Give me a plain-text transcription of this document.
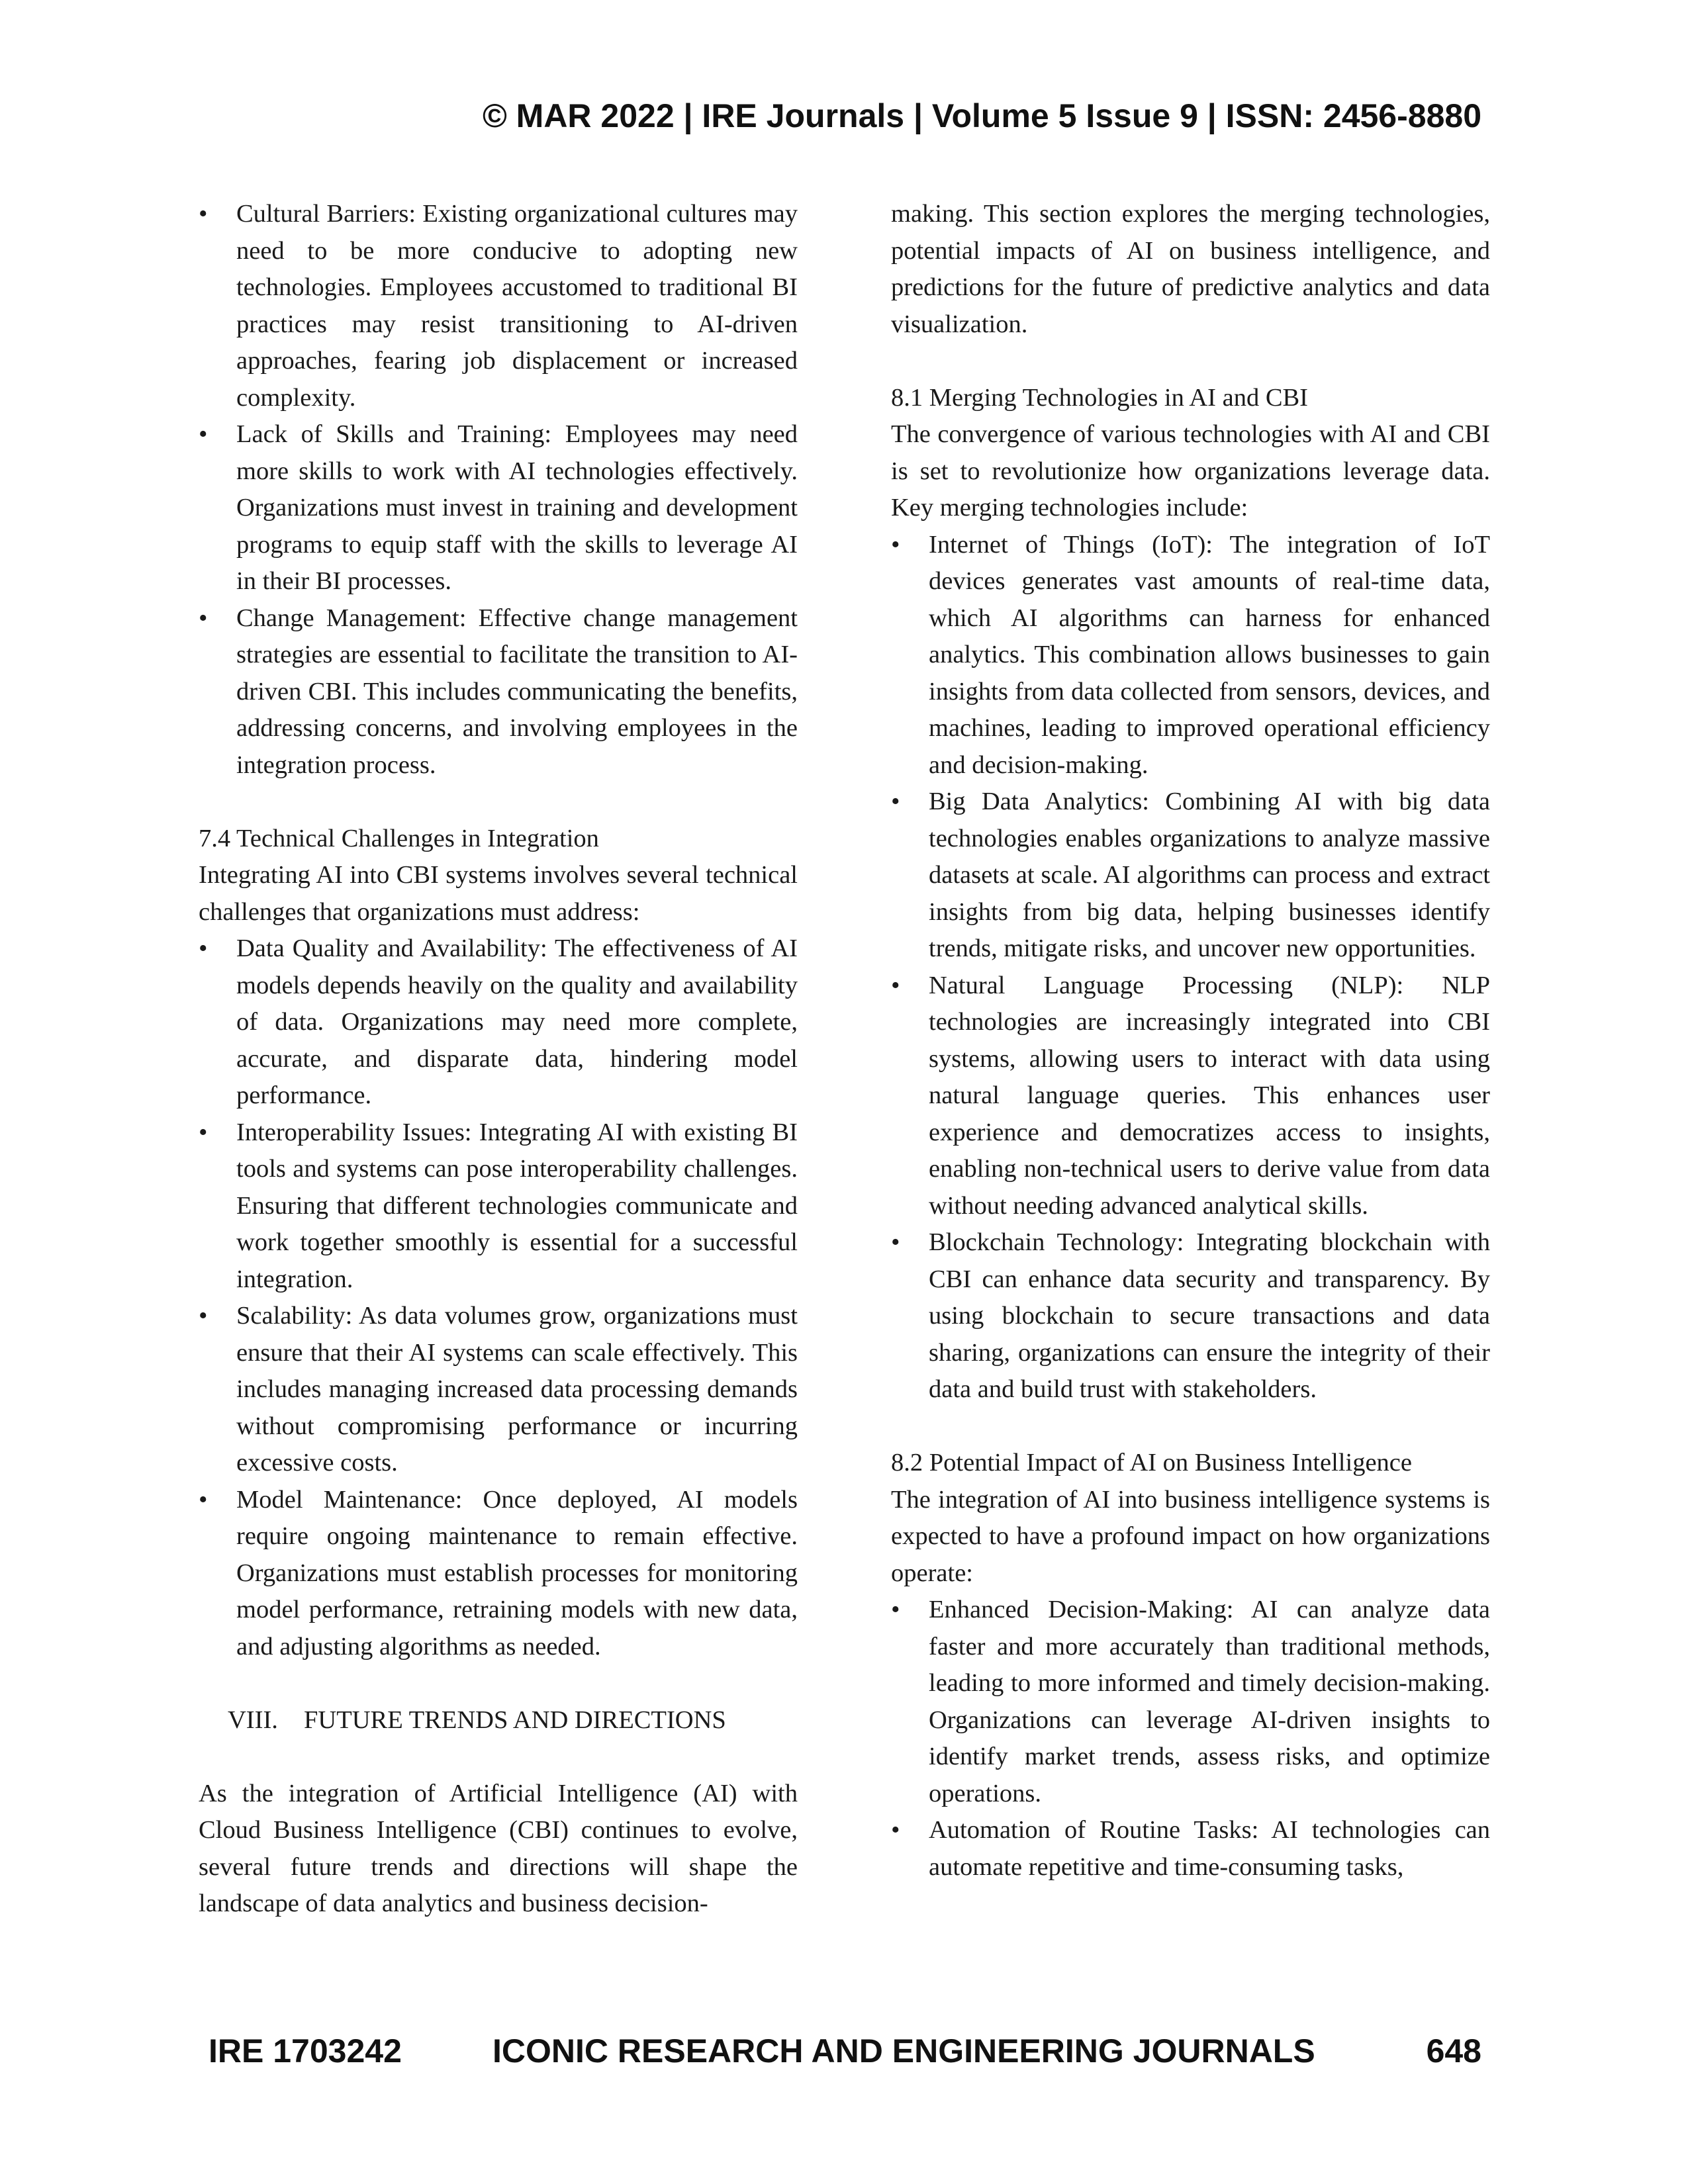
© MAR 2022 | IRE Journals | Volume 5 Issue 9 | ISSN: 2456-8880
• Cultural Barriers: Existing organizational cultures may need to be more conducive to adopting new technologies. Employees accustomed to traditional BI practices may resist transitioning to AI-driven approaches, fearing job displacement or increased complexity.
• Lack of Skills and Training: Employees may need more skills to work with AI technologies effectively. Organizations must invest in training and development programs to equip staff with the skills to leverage AI in their BI processes.
• Change Management: Effective change management strategies are essential to facilitate the transition to AI-driven CBI. This includes communicating the benefits, addressing concerns, and involving employees in the integration process.

7.4 Technical Challenges in Integration

Integrating AI into CBI systems involves several technical challenges that organizations must address:

• Data Quality and Availability: The effectiveness of AI models depends heavily on the quality and availability of data. Organizations may need more complete, accurate, and disparate data, hindering model performance.
• Interoperability Issues: Integrating AI with existing BI tools and systems can pose interoperability challenges. Ensuring that different technologies communicate and work together smoothly is essential for a successful integration.
• Scalability: As data volumes grow, organizations must ensure that their AI systems can scale effectively. This includes managing increased data processing demands without compromising performance or incurring excessive costs.
• Model Maintenance: Once deployed, AI models require ongoing maintenance to remain effective. Organizations must establish processes for monitoring model performance, retraining models with new data, and adjusting algorithms as needed.

VIII. FUTURE TRENDS AND DIRECTIONS

As the integration of Artificial Intelligence (AI) with Cloud Business Intelligence (CBI) continues to evolve, several future trends and directions will shape the landscape of data analytics and business decision-

making. This section explores the merging technologies, potential impacts of AI on business intelligence, and predictions for the future of predictive analytics and data visualization.

8.1 Merging Technologies in AI and CBI

The convergence of various technologies with AI and CBI is set to revolutionize how organizations leverage data. Key merging technologies include:

• Internet of Things (IoT): The integration of IoT devices generates vast amounts of real-time data, which AI algorithms can harness for enhanced analytics. This combination allows businesses to gain insights from data collected from sensors, devices, and machines, leading to improved operational efficiency and decision-making.
• Big Data Analytics: Combining AI with big data technologies enables organizations to analyze massive datasets at scale. AI algorithms can process and extract insights from big data, helping businesses identify trends, mitigate risks, and uncover new opportunities.
• Natural Language Processing (NLP): NLP technologies are increasingly integrated into CBI systems, allowing users to interact with data using natural language queries. This enhances user experience and democratizes access to insights, enabling non-technical users to derive value from data without needing advanced analytical skills.
• Blockchain Technology: Integrating blockchain with CBI can enhance data security and transparency. By using blockchain to secure transactions and data sharing, organizations can ensure the integrity of their data and build trust with stakeholders.

8.2 Potential Impact of AI on Business Intelligence

The integration of AI into business intelligence systems is expected to have a profound impact on how organizations operate:

• Enhanced Decision-Making: AI can analyze data faster and more accurately than traditional methods, leading to more informed and timely decision-making. Organizations can leverage AI-driven insights to identify market trends, assess risks, and optimize operations.
• Automation of Routine Tasks: AI technologies can automate repetitive and time-consuming tasks,
IRE 1703242	ICONIC RESEARCH AND ENGINEERING JOURNALS	648
